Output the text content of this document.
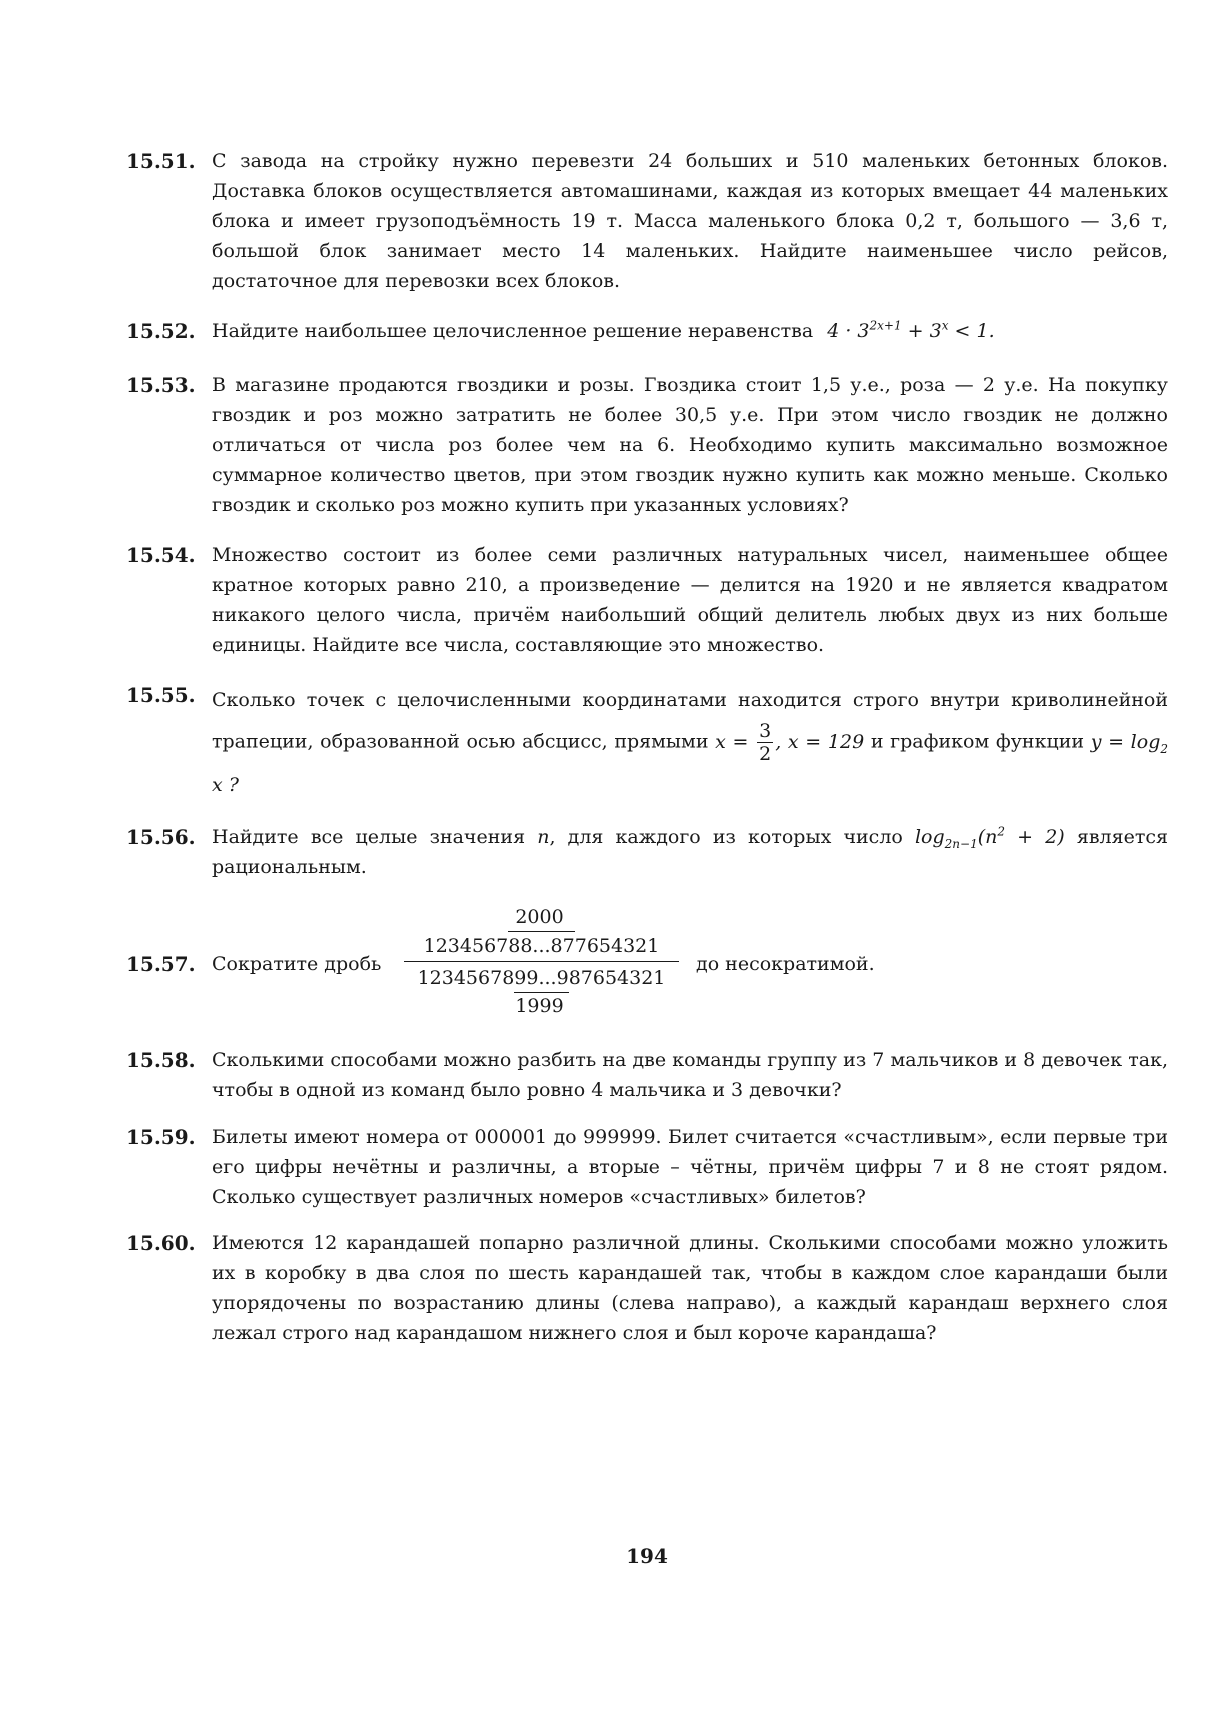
15.51. С завода на стройку нужно перевезти 24 больших и 510 маленьких бетонных блоков. Доставка блоков осуществляется автомашинами, каждая из которых вмещает 44 маленьких блока и имеет грузоподъёмность 19 т. Масса маленького блока 0,2 т, большого — 3,6 т, большой блок занимает место 14 маленьких. Найдите наименьшее число рейсов, достаточное для перевозки всех блоков.
15.52. Найдите наибольшее целочисленное решение неравенства $4 \cdot 3^{2x+1} + 3^x < 1$.
15.53. В магазине продаются гвоздики и розы. Гвоздика стоит 1,5 у.е., роза — 2 у.е. На покупку гвоздик и роз можно затратить не более 30,5 у.е. При этом число гвоздик не должно отличаться от числа роз более чем на 6. Необходимо купить максимально возможное суммарное количество цветов, при этом гвоздик нужно купить как можно меньше. Сколько гвоздик и сколько роз можно купить при указанных условиях?
15.54. Множество состоит из более семи различных натуральных чисел, наименьшее общее кратное которых равно 210, а произведение — делится на 1920 и не является квадратом никакого целого числа, причём наибольший общий делитель любых двух из них больше единицы. Найдите все числа, составляющие это множество.
15.55. Сколько точек с целочисленными координатами находится строго внутри криволинейной трапеции, образованной осью абсцисс, прямыми $x = \frac{3}{2}$ , x = 129 и графиком функции $y = \log_2 x$ ?
15.56. Найдите все целые значения n, для каждого из которых число $\log_{2n-1}(n^2 + 2)$ является рациональным.
15.57. Сократите дробь
2000
123456788...877654321
1234567899...987654321
1999
до несократимой.
15.58. Сколькими способами можно разбить на две команды группу из 7 мальчиков и 8 девочек так, чтобы в одной из команд было ровно 4 мальчика и 3 девочки?
15.59. Билеты имеют номера от 000001 до 999999. Билет считается «счастливым», если первые три его цифры нечётны и различны, а вторые – чётны, причём цифры 7 и 8 не стоят рядом. Сколько существует различных номеров «счастливых» билетов?
15.60. Имеются 12 карандашей попарно различной длины. Сколькими способами можно уложить их в коробку в два слоя по шесть карандашей так, чтобы в каждом слое карандаши были упорядочены по возрастанию длины (слева направо), а каждый карандаш верхнего слоя лежал строго над карандашом нижнего слоя и был короче карандаша?
194
